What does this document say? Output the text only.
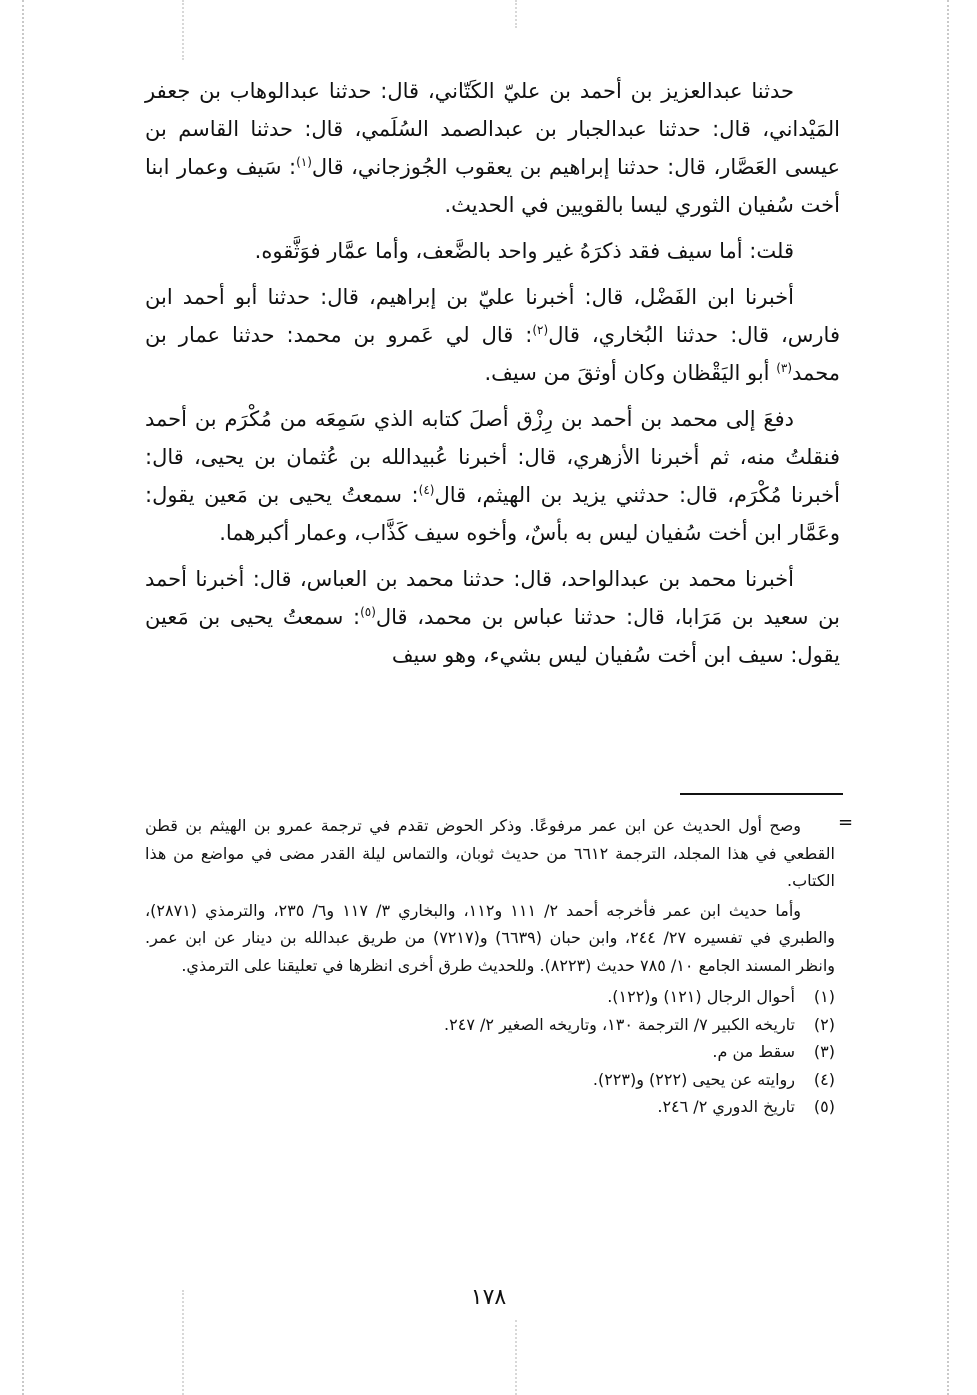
حدثنا عبدالعزيز بن أحمد بن عليّ الكَتّاني، قال: حدثنا عبدالوهاب بن جعفر المَيْداني، قال: حدثنا عبدالجبار بن عبدالصمد السُلَمي، قال: حدثنا القاسم بن عيسى العَصَّار، قال: حدثنا إبراهيم بن يعقوب الجُوزجاني، قال$^{(١)}$: سَيف وعمار ابنا أخت سُفيان الثوري ليسا بالقويين في الحديث.

قلت: أما سيف فقد ذكرَهُ غير واحد بالضَّعف، وأما عمَّار فوَثَّقوه.

أخبرنا ابن الفَضْل، قال: أخبرنا عليّ بن إبراهيم، قال: حدثنا أبو أحمد ابن فارس، قال: حدثنا البُخاري، قال$^{(٢)}$: قال لي عَمرو بن محمد: حدثنا عمار بن محمد$^{(٣)}$ أبو اليَقْظان وكان أوثقَ من سيف.

دفعَ إلى محمد بن أحمد بن رِزْق أصلَ كتابه الذي سَمِعَه من مُكْرَم بن أحمد فنقلتُ منه، ثم أخبرنا الأزهري، قال: أخبرنا عُبيدالله بن عُثمان بن يحيى، قال: أخبرنا مُكْرَم، قال: حدثني يزيد بن الهيثم، قال$^{(٤)}$: سمعتُ يحيى بن مَعين يقول: وعَمَّار ابن أخت سُفيان ليس به بأسٌ، وأخوه سيف كَذَّاب، وعمار أكبرهما.

أخبرنا محمد بن عبدالواحد، قال: حدثنا محمد بن العباس، قال: أخبرنا أحمد بن سعيد بن مَرَابا، قال: حدثنا عباس بن محمد، قال$^{(٥)}$: سمعتُ يحيى بن مَعين يقول: سيف ابن أخت سُفيان ليس بشيء، وهو سيف

=

وصح أول الحديث عن ابن عمر مرفوعًا. وذكر الحوض تقدم في ترجمة عمرو بن الهيثم بن قطن القطعي في هذا المجلد، الترجمة ٦٦١٢ من حديث ثوبان، والتماس ليلة القدر مضى في مواضع من هذا الكتاب.

وأما حديث ابن عمر فأخرجه أحمد ٢/ ١١١ و١١٢، والبخاري ٣/ ١١٧ و٦/ ٢٣٥، والترمذي (٢٨٧١)، والطبري في تفسيره ٢٧/ ٢٤٤، وابن حبان (٦٦٣٩) و(٧٢١٧) من طريق عبدالله بن دينار عن ابن عمر. وانظر المسند الجامع ١٠/ ٧٨٥ حديث (٨٢٢٣). وللحديث طرق أخرى انظرها في تعليقنا على الترمذي.

(١)أحوال الرجال (١٢١) و(١٢٢).
(٢)تاريخه الكبير ٧/ الترجمة ١٣٠، وتاريخه الصغير ٢/ ٢٤٧.
(٣)سقط من م.
(٤)روايته عن يحيى (٢٢٢) و(٢٢٣).
(٥)تاريخ الدوري ٢/ ٢٤٦.
١٧٨
